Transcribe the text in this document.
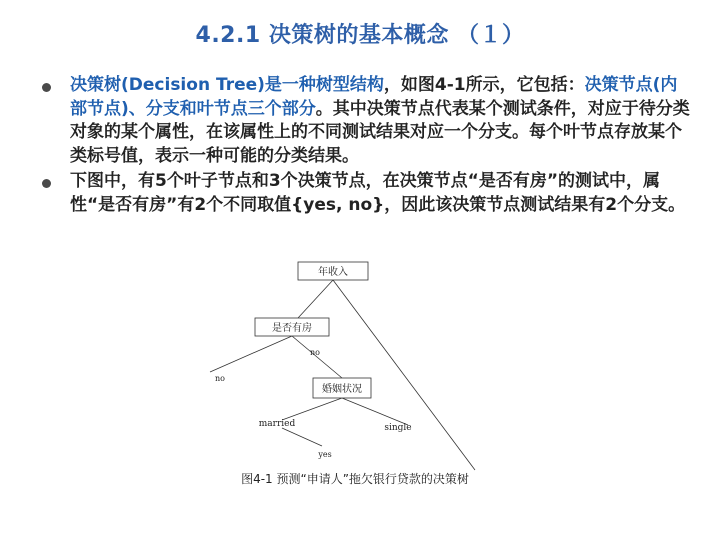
4.2.1 决策树的基本概念 （１）
决策树(Decision Tree)是一种树型结构，如图4-1所示，它包括：决策节点(内部节点)、分支和叶节点三个部分。其中决策节点代表某个测试条件，对应于待分类对象的某个属性，在该属性上的不同测试结果对应一个分支。每个叶节点存放某个类标号值，表示一种可能的分类结果。
下图中，有5个叶子节点和3个决策节点，在决策节点“是否有房”的测试中，属性“是否有房”有2个不同取值{yes, no}，因此该决策节点测试结果有2个分支。
年收入
是否有房
婚姻状况
no
no
married	single
yes
图4-1 预测“申请人”拖欠银行贷款的决策树
